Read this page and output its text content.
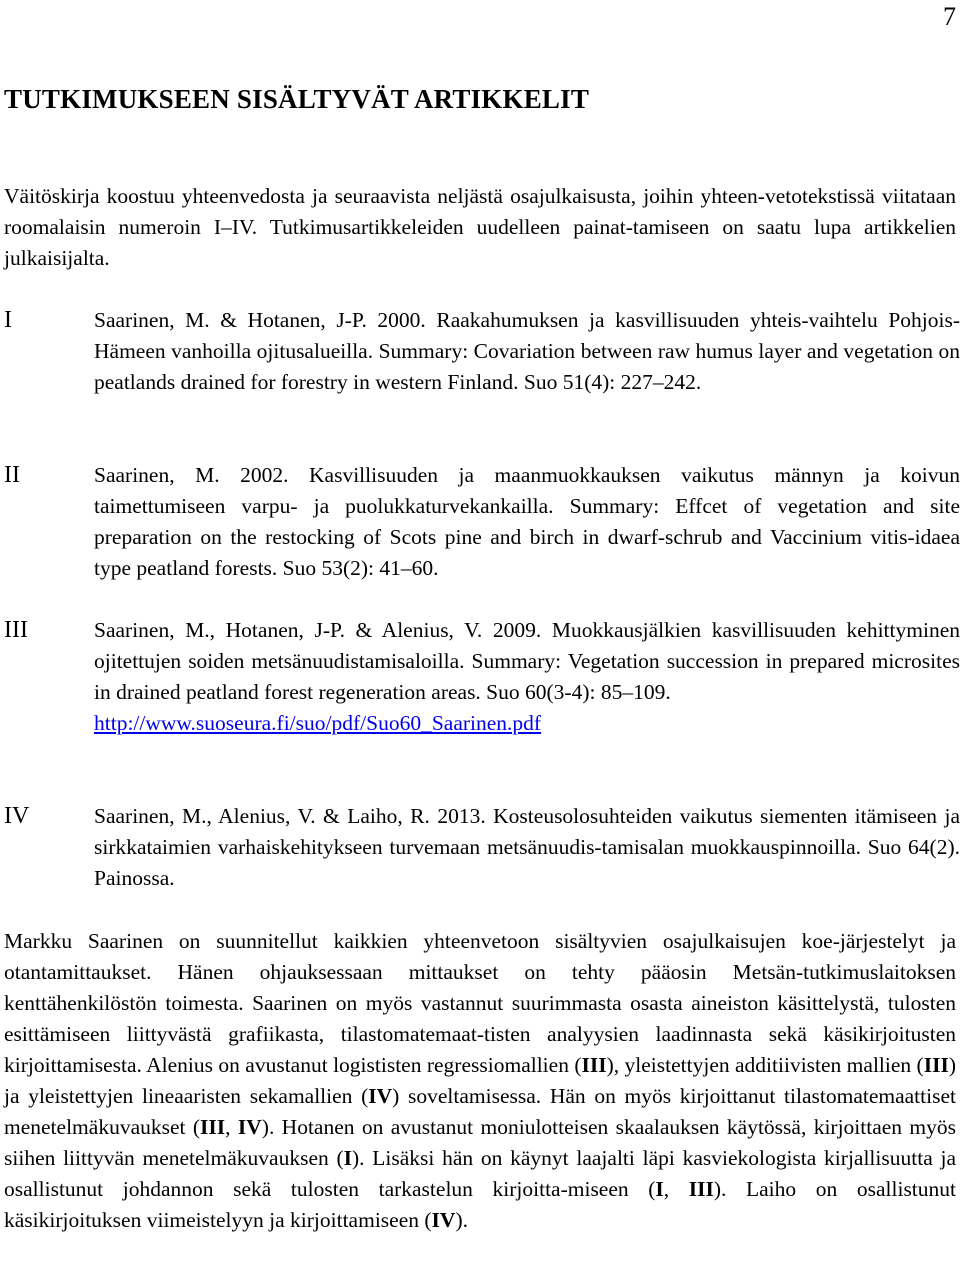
7
TUTKIMUKSEEN SISÄLTYVÄT ARTIKKELIT

Väitöskirja koostuu yhteenvedosta ja seuraavista neljästä osajulkaisusta, joihin yhteen-vetotekstissä viitataan roomalaisin numeroin I–IV. Tutkimusartikkeleiden uudelleen painat-tamiseen on saatu lupa artikkelien julkaisijalta.

I	Saarinen, M. & Hotanen, J-P. 2000. Raakahumuksen ja kasvillisuuden yhteis-vaihtelu Pohjois-Hämeen vanhoilla ojitusalueilla. Summary: Covariation between raw humus layer and vegetation on peatlands drained for forestry in western Finland. Suo 51(4): 227–242.

II	Saarinen, M. 2002. Kasvillisuuden ja maanmuokkauksen vaikutus männyn ja koivun taimettumiseen varpu- ja puolukkaturvekankailla. Summary: Effcet of vegetation and site preparation on the restocking of Scots pine and birch in dwarf-schrub and Vaccinium vitis-idaea type peatland forests. Suo 53(2): 41–60.

III	Saarinen, M., Hotanen, J-P. & Alenius, V. 2009. Muokkausjälkien kasvillisuuden kehittyminen ojitettujen soiden metsänuudistamisaloilla. Summary: Vegetation succession in prepared microsites in drained peatland forest regeneration areas. Suo 60(3-4): 85–109.
http://www.suoseura.fi/suo/pdf/Suo60_Saarinen.pdf
IV	Saarinen, M., Alenius, V. & Laiho, R. 2013. Kosteusolosuhteiden vaikutus siementen itämiseen ja sirkkataimien varhaiskehitykseen turvemaan metsänuudis-tamisalan muokkauspinnoilla. Suo 64(2). Painossa.

Markku Saarinen on suunnitellut kaikkien yhteenvetoon sisältyvien osajulkaisujen koe-järjestelyt ja otantamittaukset. Hänen ohjauksessaan mittaukset on tehty pääosin Metsän-tutkimuslaitoksen kenttähenkilöstön toimesta. Saarinen on myös vastannut suurimmasta osasta aineiston käsittelystä, tulosten esittämiseen liittyvästä grafiikasta, tilastomatemaat-tisten analyysien laadinnasta sekä käsikirjoitusten kirjoittamisesta. Alenius on avustanut logististen regressiomallien (III), yleistettyjen additiivisten mallien (III) ja yleistettyjen lineaaristen sekamallien (IV) soveltamisessa. Hän on myös kirjoittanut tilastomatemaattiset menetelmäkuvaukset (III, IV). Hotanen on avustanut moniulotteisen skaalauksen käytössä, kirjoittaen myös siihen liittyvän menetelmäkuvauksen (I). Lisäksi hän on käynyt laajalti läpi kasviekologista kirjallisuutta ja osallistunut johdannon sekä tulosten tarkastelun kirjoitta-miseen (I, III). Laiho on osallistunut käsikirjoituksen viimeistelyyn ja kirjoittamiseen (IV).
